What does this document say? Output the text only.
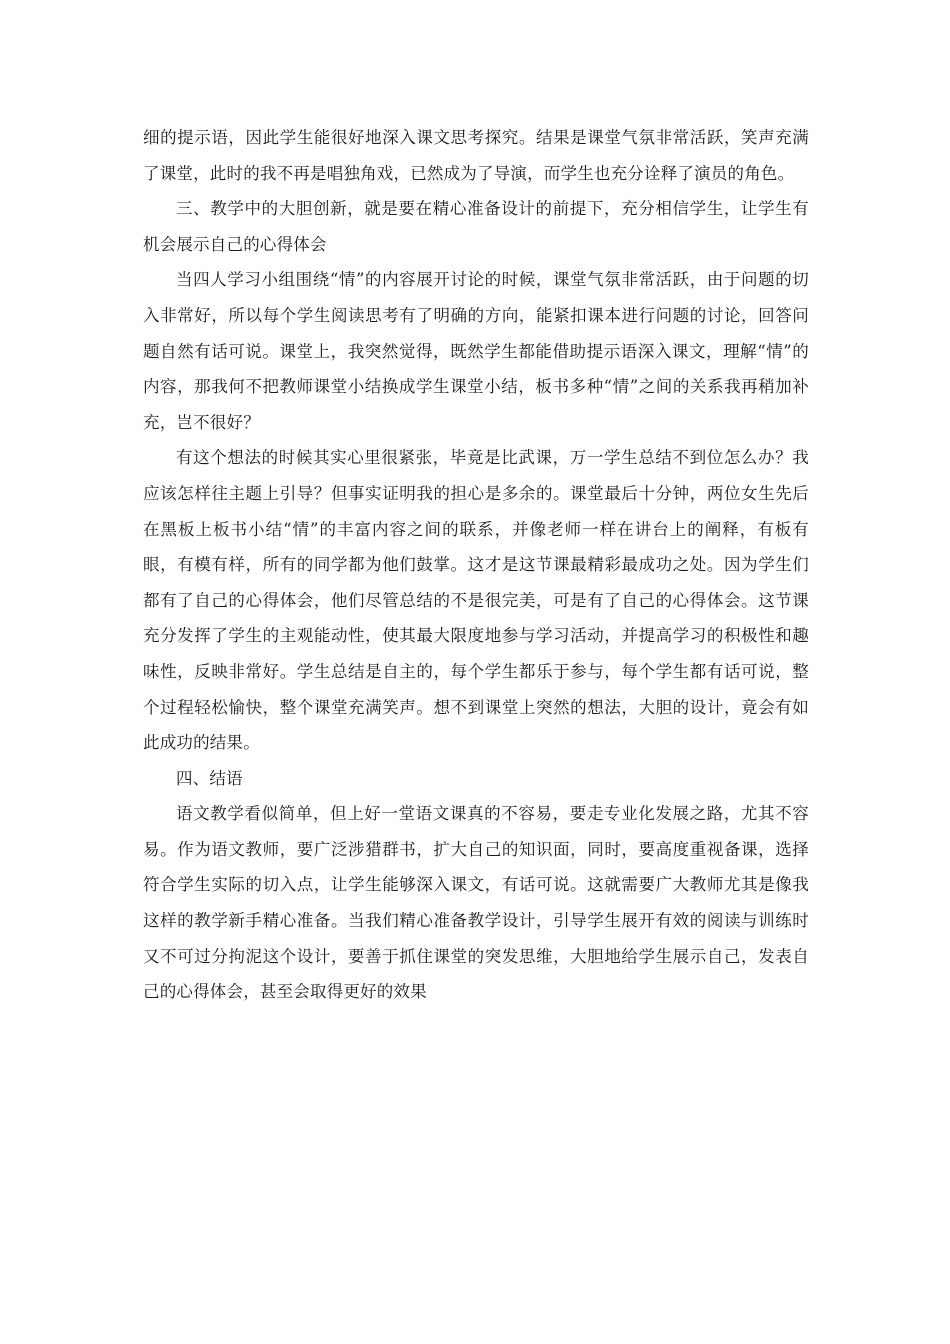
细的提示语，因此学生能很好地深入课文思考探究。结果是课堂气氛非常活跃，笑声充满了课堂，此时的我不再是唱独角戏，已然成为了导演，而学生也充分诠释了演员的角色。

三、教学中的大胆创新，就是要在精心准备设计的前提下，充分相信学生，让学生有机会展示自己的心得体会

当四人学习小组围绕“情”的内容展开讨论的时候，课堂气氛非常活跃，由于问题的切入非常好，所以每个学生阅读思考有了明确的方向，能紧扣课本进行问题的讨论，回答问题自然有话可说。课堂上，我突然觉得，既然学生都能借助提示语深入课文，理解“情”的内容，那我何不把教师课堂小结换成学生课堂小结，板书多种“情”之间的关系我再稍加补充，岂不很好？

有这个想法的时候其实心里很紧张，毕竟是比武课，万一学生总结不到位怎么办？我应该怎样往主题上引导？但事实证明我的担心是多余的。课堂最后十分钟，两位女生先后在黑板上板书小结“情”的丰富内容之间的联系，并像老师一样在讲台上的阐释，有板有眼，有模有样，所有的同学都为他们鼓掌。这才是这节课最精彩最成功之处。因为学生们都有了自己的心得体会，他们尽管总结的不是很完美，可是有了自己的心得体会。这节课充分发挥了学生的主观能动性，使其最大限度地参与学习活动，并提高学习的积极性和趣味性，反映非常好。学生总结是自主的，每个学生都乐于参与，每个学生都有话可说，整个过程轻松愉快，整个课堂充满笑声。想不到课堂上突然的想法，大胆的设计，竟会有如此成功的结果。

四、结语

语文教学看似简单，但上好一堂语文课真的不容易，要走专业化发展之路，尤其不容易。作为语文教师，要广泛涉猎群书，扩大自己的知识面，同时，要高度重视备课，选择符合学生实际的切入点，让学生能够深入课文，有话可说。这就需要广大教师尤其是像我这样的教学新手精心准备。当我们精心准备教学设计，引导学生展开有效的阅读与训练时又不可过分拘泥这个设计，要善于抓住课堂的突发思维，大胆地给学生展示自己，发表自己的心得体会，甚至会取得更好的效果
